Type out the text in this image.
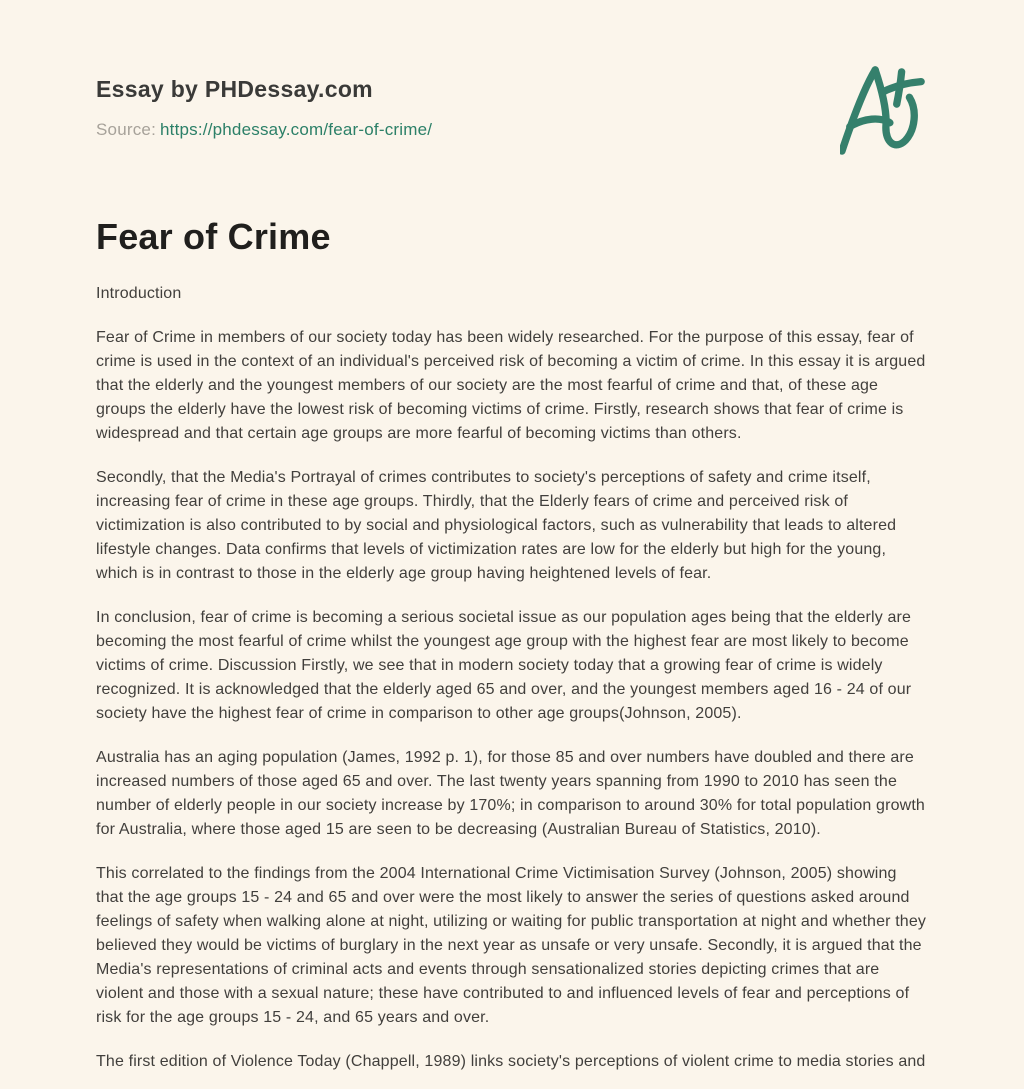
Essay by PHDessay.com
Source: https://phdessay.com/fear-of-crime/
Fear of Crime

Introduction

Fear of Crime in members of our society today has been widely researched. For the purpose of this essay, fear of crime is used in the context of an individual's perceived risk of becoming a victim of crime. In this essay it is argued that the elderly and the youngest members of our society are the most fearful of crime and that, of these age groups the elderly have the lowest risk of becoming victims of crime. Firstly, research shows that fear of crime is widespread and that certain age groups are more fearful of becoming victims than others.

Secondly, that the Media's Portrayal of crimes contributes to society's perceptions of safety and crime itself, increasing fear of crime in these age groups. Thirdly, that the Elderly fears of crime and perceived risk of victimization is also contributed to by social and physiological factors, such as vulnerability that leads to altered lifestyle changes. Data confirms that levels of victimization rates are low for the elderly but high for the young, which is in contrast to those in the elderly age group having heightened levels of fear.

In conclusion, fear of crime is becoming a serious societal issue as our population ages being that the elderly are becoming the most fearful of crime whilst the youngest age group with the highest fear are most likely to become victims of crime. Discussion Firstly, we see that in modern society today that a growing fear of crime is widely recognized. It is acknowledged that the elderly aged 65 and over, and the youngest members aged 16 - 24 of our society have the highest fear of crime in comparison to other age groups(Johnson, 2005).

Australia has an aging population (James, 1992 p. 1), for those 85 and over numbers have doubled and there are increased numbers of those aged 65 and over. The last twenty years spanning from 1990 to 2010 has seen the number of elderly people in our society increase by 170%; in comparison to around 30% for total population growth for Australia, where those aged 15 are seen to be decreasing (Australian Bureau of Statistics, 2010).

This correlated to the findings from the 2004 International Crime Victimisation Survey (Johnson, 2005) showing that the age groups 15 - 24 and 65 and over were the most likely to answer the series of questions asked around feelings of safety when walking alone at night, utilizing or waiting for public transportation at night and whether they believed they would be victims of burglary in the next year as unsafe or very unsafe. Secondly, it is argued that the Media's representations of criminal acts and events through sensationalized stories depicting crimes that are violent and those with a sexual nature; these have contributed to and influenced levels of fear and perceptions of risk for the age groups 15 - 24, and 65 years and over.

The first edition of Violence Today (Chappell, 1989) links society's perceptions of violent crime to media stories and
